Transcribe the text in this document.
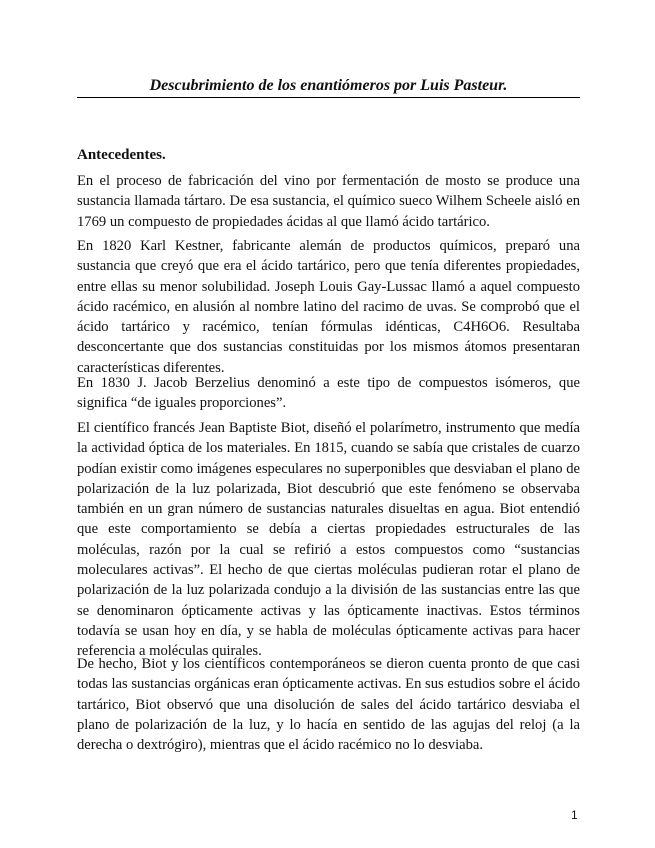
Descubrimiento de los enantiómeros por Luis Pasteur.
Antecedentes.

En el proceso de fabricación del vino por fermentación de mosto se produce una sustancia llamada tártaro. De esa sustancia, el químico sueco Wilhem Scheele aisló en 1769 un compuesto de propiedades ácidas al que llamó ácido tartárico.

En 1820 Karl Kestner, fabricante alemán de productos químicos, preparó una sustancia que creyó que era el ácido tartárico, pero que tenía diferentes propiedades, entre ellas su menor solubilidad. Joseph Louis Gay-Lussac llamó a aquel compuesto ácido racémico, en alusión al nombre latino del racimo de uvas. Se comprobó que el ácido tartárico y racémico, tenían fórmulas idénticas, C4H6O6. Resultaba desconcertante que dos sustancias constituidas por los mismos átomos presentaran características diferentes.

En 1830 J. Jacob Berzelius denominó a este tipo de compuestos isómeros, que significa “de iguales proporciones”.

El científico francés Jean Baptiste Biot, diseñó el polarímetro, instrumento que medía la actividad óptica de los materiales. En 1815, cuando se sabía que cristales de cuarzo podían existir como imágenes especulares no superponibles que desviaban el plano de polarización de la luz polarizada, Biot descubrió que este fenómeno se observaba también en un gran número de sustancias naturales disueltas en agua. Biot entendió que este comportamiento se debía a ciertas propiedades estructurales de las moléculas, razón por la cual se refirió a estos compuestos como “sustancias moleculares activas”. El hecho de que ciertas moléculas pudieran rotar el plano de polarización de la luz polarizada condujo a la división de las sustancias entre las que se denominaron ópticamente activas y las ópticamente inactivas. Estos términos todavía se usan hoy en día, y se habla de moléculas ópticamente activas para hacer referencia a moléculas quirales.

De hecho, Biot y los científicos contemporáneos se dieron cuenta pronto de que casi todas las sustancias orgánicas eran ópticamente activas. En sus estudios sobre el ácido tartárico, Biot observó que una disolución de sales del ácido tartárico desviaba el plano de polarización de la luz, y lo hacía en sentido de las agujas del reloj (a la derecha o dextrógiro), mientras que el ácido racémico no lo desviaba.

1
